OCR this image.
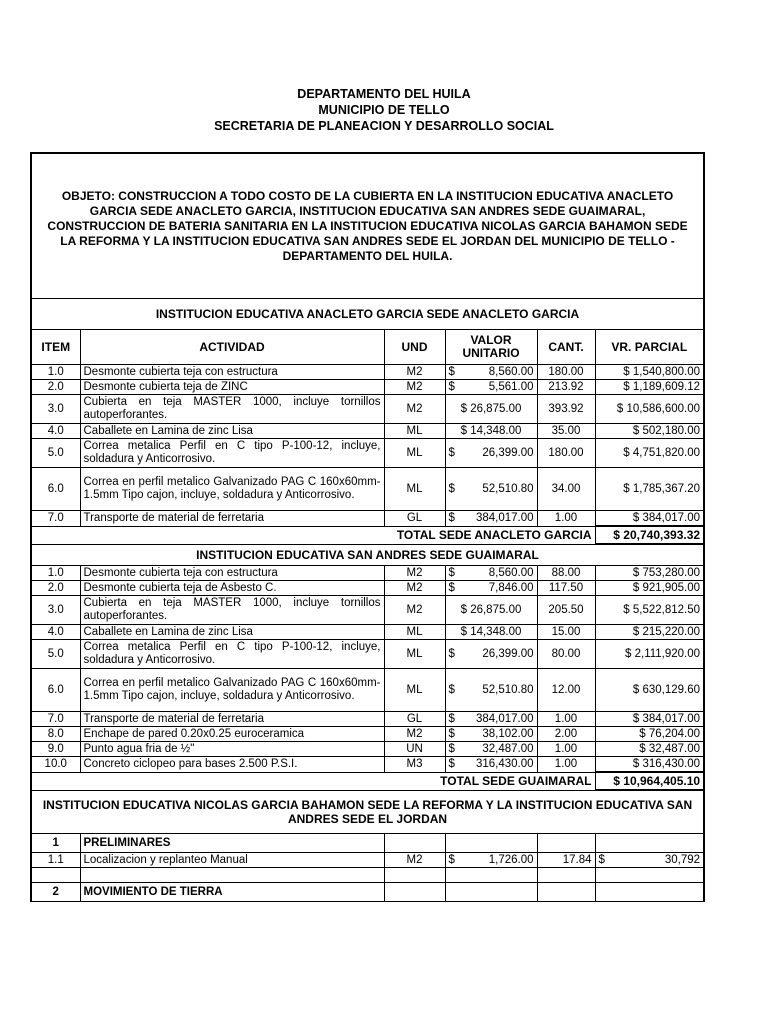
DEPARTAMENTO DEL HUILA
MUNICIPIO DE TELLO
SECRETARIA DE PLANEACION Y DESARROLLO SOCIAL
OBJETO: CONSTRUCCION A TODO COSTO DE LA CUBIERTA EN LA INSTITUCION EDUCATIVA ANACLETO GARCIA SEDE ANACLETO GARCIA, INSTITUCION EDUCATIVA SAN ANDRES SEDE GUAIMARAL, CONSTRUCCION DE BATERIA SANITARIA EN LA INSTITUCION EDUCATIVA NICOLAS GARCIA BAHAMON SEDE LA REFORMA Y LA INSTITUCION EDUCATIVA SAN ANDRES SEDE EL JORDAN DEL MUNICIPIO DE TELLO - DEPARTAMENTO DEL HUILA.					
INSTITUCION EDUCATIVA ANACLETO GARCIA SEDE ANACLETO GARCIA					
ITEM	ACTIVIDAD	UND	VALOR UNITARIO	CANT.	VR. PARCIAL
1.0	Desmonte cubierta teja con estructura	M2	$ 8,560.00	180.00	$ 1,540,800.00
2.0	Desmonte cubierta teja de ZINC	M2	$ 5,561.00	213.92	$ 1,189,609.12
3.0	Cubierta en teja MASTER 1000, incluye tornillos autoperforantes.	M2	$ 26,875.00	393.92	$ 10,586,600.00
4.0	Caballete en Lamina de zinc Lisa	ML	$ 14,348.00	35.00	$ 502,180.00
5.0	Correa metalica Perfil en C tipo P-100-12, incluye, soldadura y Anticorrosivo.	ML	$ 26,399.00	180.00	$ 4,751,820.00
6.0	Correa en perfil metalico Galvanizado PAG C 160x60mm-1.5mm Tipo cajon, incluye, soldadura y Anticorrosivo.	ML	$ 52,510.80	34.00	$ 1,785,367.20
7.0	Transporte de material de ferretaria	GL	$ 384,017.00	1.00	$ 384,017.00
TOTAL SEDE ANACLETO GARCIA					$ 20,740,393.32
INSTITUCION EDUCATIVA SAN ANDRES SEDE GUAIMARAL					
1.0	Desmonte cubierta teja con estructura	M2	$ 8,560.00	88.00	$ 753,280.00
2.0	Desmonte cubierta teja de Asbesto C.	M2	$ 7,846.00	117.50	$ 921,905.00
3.0	Cubierta en teja MASTER 1000, incluye tornillos autoperforantes.	M2	$ 26,875.00	205.50	$ 5,522,812.50
4.0	Caballete en Lamina de zinc Lisa	ML	$ 14,348.00	15.00	$ 215,220.00
5.0	Correa metalica Perfil en C tipo P-100-12, incluye, soldadura y Anticorrosivo.	ML	$ 26,399.00	80.00	$ 2,111,920.00
6.0	Correa en perfil metalico Galvanizado PAG C 160x60mm-1.5mm Tipo cajon, incluye, soldadura y Anticorrosivo.	ML	$ 52,510.80	12.00	$ 630,129.60
7.0	Transporte de material de ferretaria	GL	$ 384,017.00	1.00	$ 384,017.00
8.0	Enchape de pared 0.20x0.25 euroceramica	M2	$ 38,102.00	2.00	$ 76,204.00
9.0	Punto agua fria de ½"	UN	$ 32,487.00	1.00	$ 32,487.00
10.0	Concreto ciclopeo para bases 2.500 P.S.I.	M3	$ 316,430.00	1.00	$ 316,430.00
TOTAL SEDE GUAIMARAL					$ 10,964,405.10
INSTITUCION EDUCATIVA NICOLAS GARCIA BAHAMON SEDE LA REFORMA Y LA INSTITUCION EDUCATIVA SAN ANDRES SEDE EL JORDAN					
1	PRELIMINARES				
1.1	Localizacion y replanteo Manual	M2	$ 1,726.00	17.84	$ 30,792

2	MOVIMIENTO DE TIERRA				
